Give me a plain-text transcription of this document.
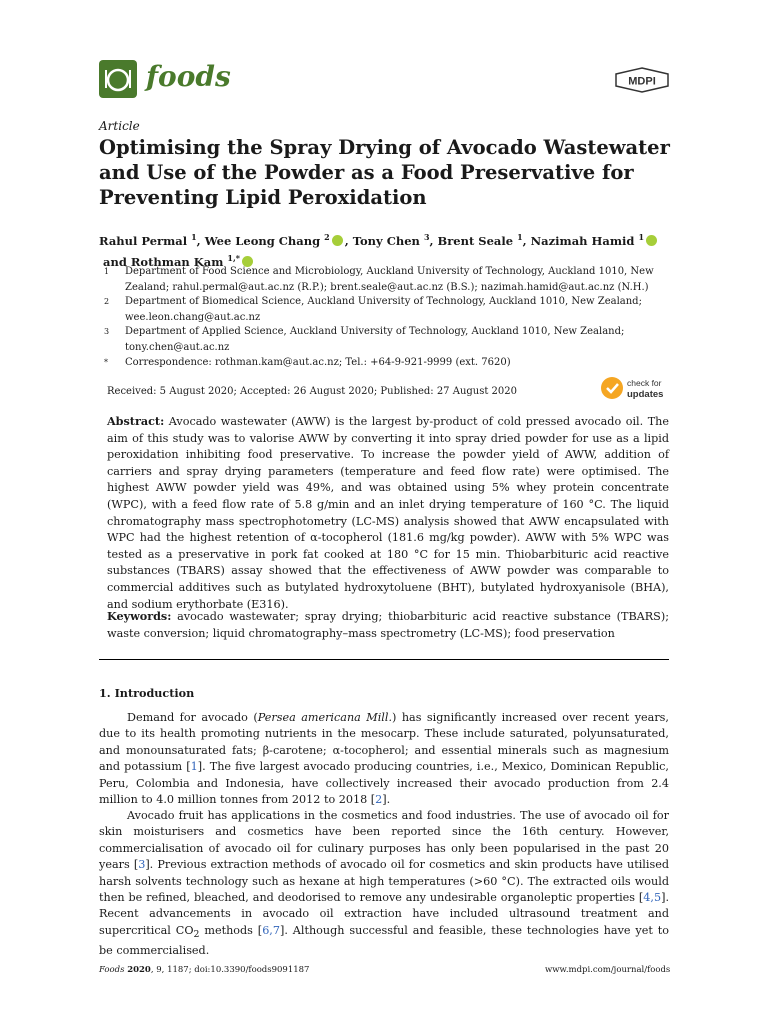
foods	MDPI
Article
Optimising the Spray Drying of Avocado Wastewater and Use of the Powder as a Food Preservative for Preventing Lipid Peroxidation
Rahul Permal $^1$, Wee Leong Chang $^2$ , Tony Chen $^3$, Brent Seale $^1$, Nazimah Hamid $^1$ and Rothman Kam $^{1,*}$
1 Department of Food Science and Microbiology, Auckland University of Technology, Auckland 1010, New Zealand; rahul.permal@aut.ac.nz (R.P.); brent.seale@aut.ac.nz (B.S.); nazimah.hamid@aut.ac.nz (N.H.)
2 Department of Biomedical Science, Auckland University of Technology, Auckland 1010, New Zealand; wee.leon.chang@aut.ac.nz
3 Department of Applied Science, Auckland University of Technology, Auckland 1010, New Zealand; tony.chen@aut.ac.nz
* Correspondence: rothman.kam@aut.ac.nz; Tel.: +64-9-921-9999 (ext. 7620)
Received: 5 August 2020; Accepted: 26 August 2020; Published: 27 August 2020
check for
updates

Abstract: Avocado wastewater (AWW) is the largest by-product of cold pressed avocado oil. The aim of this study was to valorise AWW by converting it into spray dried powder for use as a lipid peroxidation inhibiting food preservative. To increase the powder yield of AWW, addition of carriers and spray drying parameters (temperature and feed flow rate) were optimised. The highest AWW powder yield was 49%, and was obtained using 5% whey protein concentrate (WPC), with a feed flow rate of 5.8 g/min and an inlet drying temperature of 160 °C. The liquid chromatography mass spectrophotometry (LC-MS) analysis showed that AWW encapsulated with WPC had the highest retention of α-tocopherol (181.6 mg/kg powder). AWW with 5% WPC was tested as a preservative in pork fat cooked at 180 °C for 15 min. Thiobarbituric acid reactive substances (TBARS) assay showed that the effectiveness of AWW powder was comparable to commercial additives such as butylated hydroxytoluene (BHT), butylated hydroxyanisole (BHA), and sodium erythorbate (E316).

Keywords: avocado wastewater; spray drying; thiobarbituric acid reactive substance (TBARS); waste conversion; liquid chromatography–mass spectrometry (LC-MS); food preservation

1. Introduction

Demand for avocado (Persea americana Mill.) has significantly increased over recent years, due to its health promoting nutrients in the mesocarp. These include saturated, polyunsaturated, and monounsaturated fats; β-carotene; α-tocopherol; and essential minerals such as magnesium and potassium [1]. The five largest avocado producing countries, i.e., Mexico, Dominican Republic, Peru, Colombia and Indonesia, have collectively increased their avocado production from 2.4 million to 4.0 million tonnes from 2012 to 2018 [2].

Avocado fruit has applications in the cosmetics and food industries. The use of avocado oil for skin moisturisers and cosmetics have been reported since the 16th century. However, commercialisation of avocado oil for culinary purposes has only been popularised in the past 20 years [3]. Previous extraction methods of avocado oil for cosmetics and skin products have utilised harsh solvents technology such as hexane at high temperatures (>60 °C). The extracted oils would then be refined, bleached, and deodorised to remove any undesirable organoleptic properties [4,5]. Recent advancements in avocado oil extraction have included ultrasound treatment and supercritical $CO_2$ methods [6,7]. Although successful and feasible, these technologies have yet to be commercialised.

Foods 2020, 9, 1187; doi:10.3390/foods9091187	www.mdpi.com/journal/foods
